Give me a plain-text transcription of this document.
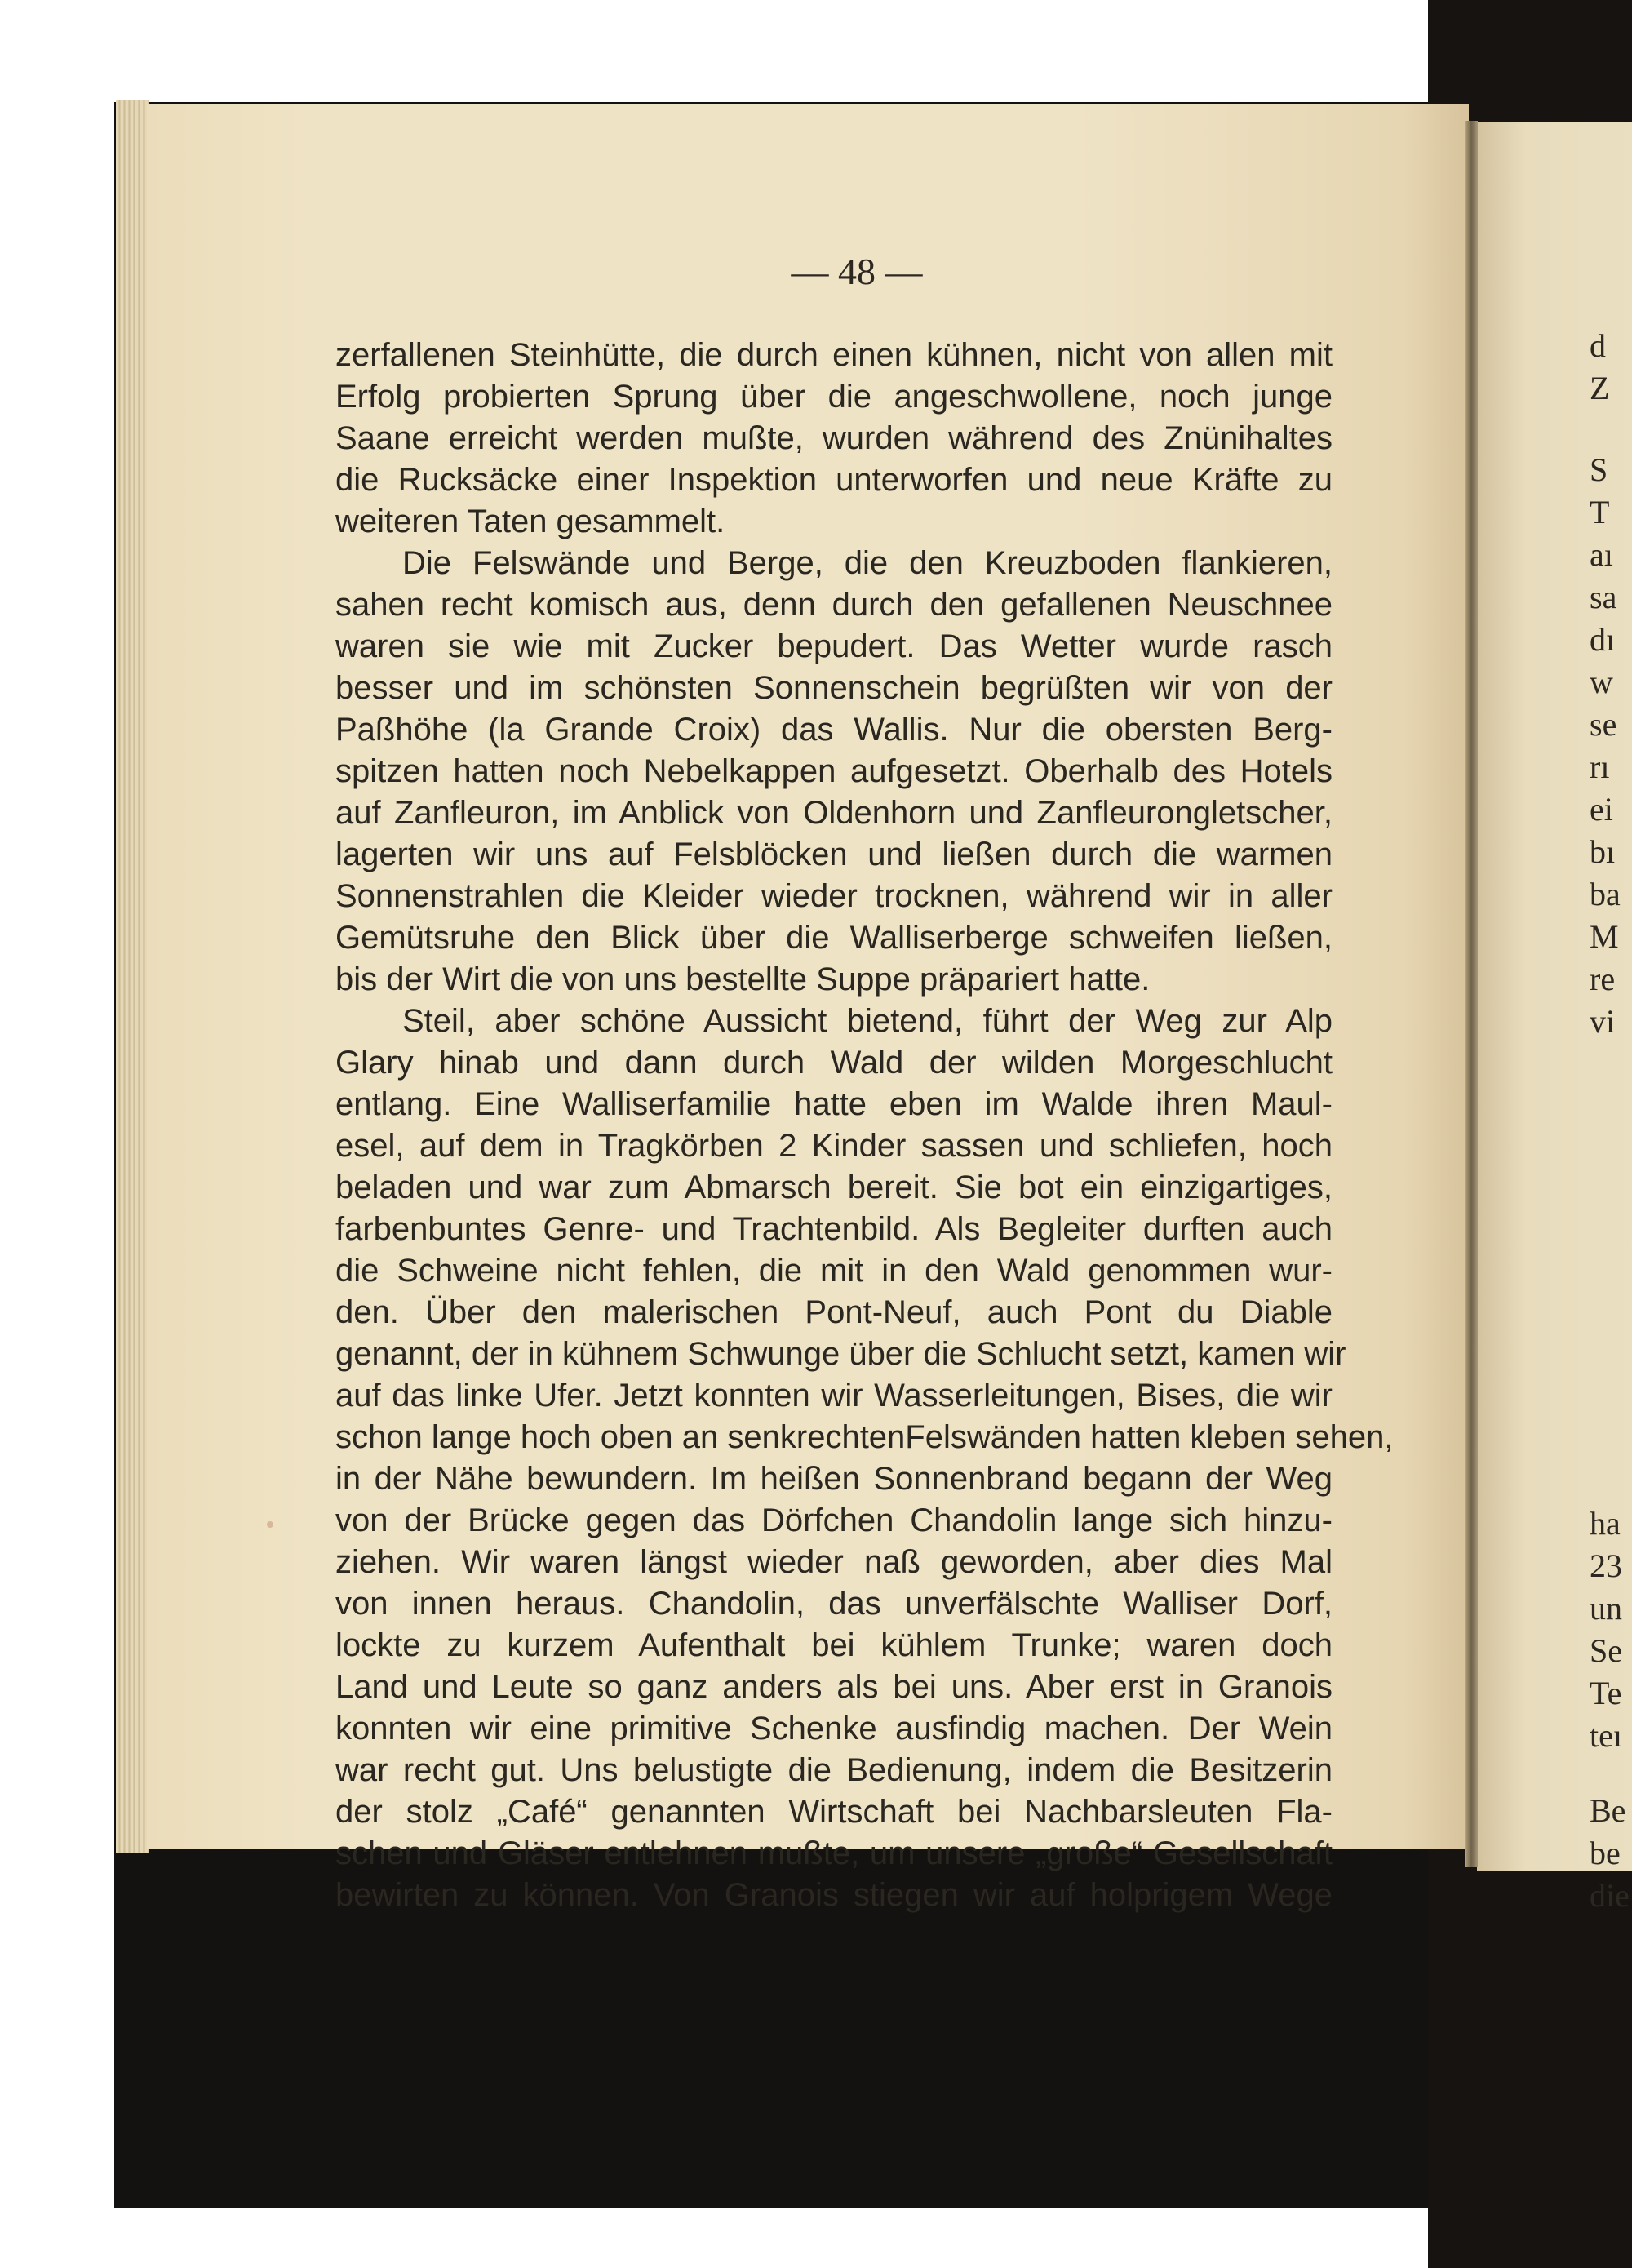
— 48 —

zerfallenen Steinhütte, die durch einen kühnen, nicht von allen mit
Erfolg probierten Sprung über die angeschwollene, noch junge
Saane erreicht werden mußte, wurden während des Znünihaltes
die Rucksäcke einer Inspektion unterworfen und neue Kräfte zu
weiteren Taten gesammelt.

Die Felswände und Berge, die den Kreuzboden flankieren,
sahen recht komisch aus, denn durch den gefallenen Neuschnee
waren sie wie mit Zucker bepudert. Das Wetter wurde rasch
besser und im schönsten Sonnenschein begrüßten wir von der
Paßhöhe (la Grande Croix) das Wallis. Nur die obersten Berg-
spitzen hatten noch Nebelkappen aufgesetzt. Oberhalb des Hotels
auf Zanfleuron, im Anblick von Oldenhorn und Zanfleurongletscher,
lagerten wir uns auf Felsblöcken und ließen durch die warmen
Sonnenstrahlen die Kleider wieder trocknen, während wir in aller
Gemütsruhe den Blick über die Walliserberge schweifen ließen,
bis der Wirt die von uns bestellte Suppe präpariert hatte.

Steil, aber schöne Aussicht bietend, führt der Weg zur Alp
Glary hinab und dann durch Wald der wilden Morgeschlucht
entlang. Eine Walliserfamilie hatte eben im Walde ihren Maul-
esel, auf dem in Tragkörben 2 Kinder sassen und schliefen, hoch
beladen und war zum Abmarsch bereit. Sie bot ein einzigartiges,
farbenbuntes Genre- und Trachtenbild. Als Begleiter durften auch
die Schweine nicht fehlen, die mit in den Wald genommen wur-
den. Über den malerischen Pont-Neuf, auch Pont du Diable
genannt, der in kühnem Schwunge über die Schlucht setzt, kamen wir
auf das linke Ufer. Jetzt konnten wir Wasserleitungen, Bises, die wir
schon lange hoch oben an senkrechtenFelswänden hatten kleben sehen,
in der Nähe bewundern. Im heißen Sonnenbrand begann der Weg
von der Brücke gegen das Dörfchen Chandolin lange sich hinzu-
ziehen. Wir waren längst wieder naß geworden, aber dies Mal
von innen heraus. Chandolin, das unverfälschte Walliser Dorf,
lockte zu kurzem Aufenthalt bei kühlem Trunke; waren doch
Land und Leute so ganz anders als bei uns. Aber erst in Granois
konnten wir eine primitive Schenke ausfindig machen. Der Wein
war recht gut. Uns belustigte die Bedienung, indem die Besitzerin
der stolz „Café“ genannten Wirtschaft bei Nachbarsleuten Fla-
schen und Gläser entlehnen mußte, um unsere „große“ Gesellschaft
bewirten zu können. Von Granois stiegen wir auf holprigem Wege

d
Z
S
T
aı
sa
dı
w
se
rı
ei
bı
ba
M
re
vi
ha
23
un
Se
Te
teı
Be
be
die
